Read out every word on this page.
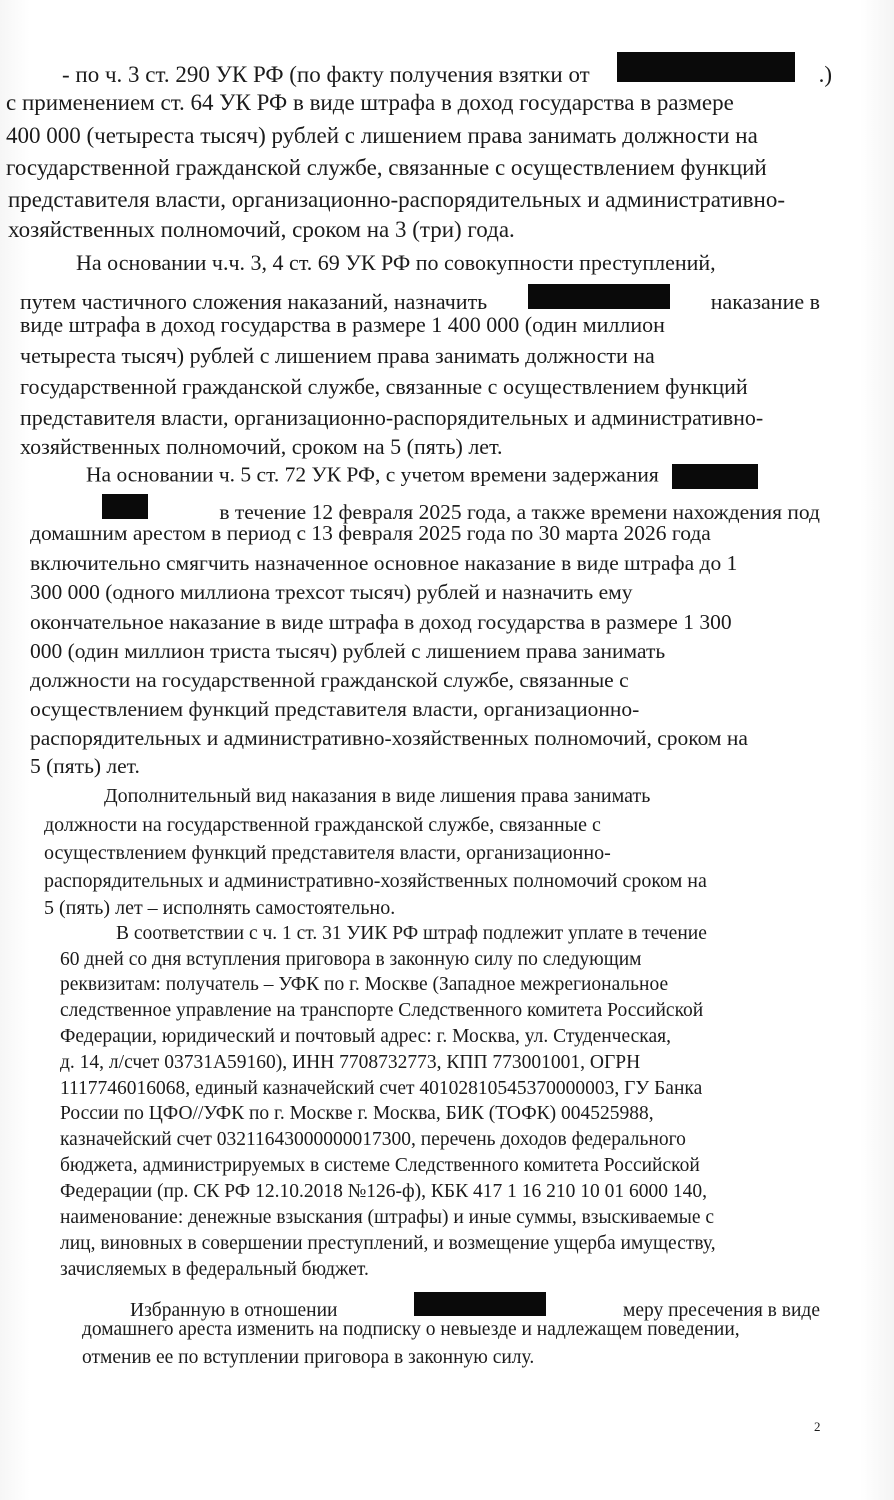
- по ч. 3 ст. 290 УК РФ (по факту получения взятки от	.)
с применением ст. 64 УК РФ в виде штрафа в доход государства в размере
400 000 (четыреста тысяч) рублей с лишением права занимать должности на
государственной гражданской службе, связанные с осуществлением функций
представителя власти, организационно-распорядительных и административно-
хозяйственных полномочий, сроком на 3 (три) года.
На основании ч.ч. 3, 4 ст. 69 УК РФ по совокупности преступлений,
путем частичного сложения наказаний, назначить	наказание в
виде штрафа в доход государства в размере 1 400 000 (один миллион
четыреста тысяч) рублей с лишением права занимать должности на
государственной гражданской службе, связанные с осуществлением функций
представителя власти, организационно-распорядительных и административно-
хозяйственных полномочий, сроком на 5 (пять) лет.
На основании ч. 5 ст. 72 УК РФ, с учетом времени задержания
в течение 12 февраля 2025 года, а также времени нахождения под
домашним арестом в период с 13 февраля 2025 года по 30 марта 2026 года
включительно смягчить назначенное основное наказание в виде штрафа до 1
300 000 (одного миллиона трехсот тысяч) рублей и назначить ему
окончательное наказание в виде штрафа в доход государства в размере 1 300
000 (один миллион триста тысяч) рублей с лишением права занимать
должности на государственной гражданской службе, связанные с
осуществлением функций представителя власти, организационно-
распорядительных и административно-хозяйственных полномочий, сроком на
5 (пять) лет.
Дополнительный вид наказания в виде лишения права занимать
должности на государственной гражданской службе, связанные с
осуществлением функций представителя власти, организационно-
распорядительных и административно-хозяйственных полномочий сроком на
5 (пять) лет – исполнять самостоятельно.
В соответствии с ч. 1 ст. 31 УИК РФ штраф подлежит уплате в течение
60 дней со дня вступления приговора в законную силу по следующим
реквизитам: получатель – УФК по г. Москве (Западное межрегиональное
следственное управление на транспорте Следственного комитета Российской
Федерации, юридический и почтовый адрес: г. Москва, ул. Студенческая,
д. 14, л/счет 03731А59160), ИНН 7708732773, КПП 773001001, ОГРН
1117746016068, единый казначейский счет 40102810545370000003, ГУ Банка
России по ЦФО//УФК по г. Москве г. Москва, БИК (ТОФК) 004525988,
казначейский счет 03211643000000017300, перечень доходов федерального
бюджета, администрируемых в системе Следственного комитета Российской
Федерации (пр. СК РФ 12.10.2018 №126-ф), КБК 417 1 16 210 10 01 6000 140,
наименование: денежные взыскания (штрафы) и иные суммы, взыскиваемые с
лиц, виновных в совершении преступлений, и возмещение ущерба имуществу,
зачисляемых в федеральный бюджет.
Избранную в отношении	меру пресечения в виде
домашнего ареста изменить на подписку о невыезде и надлежащем поведении,
отменив ее по вступлении приговора в законную силу.
2
